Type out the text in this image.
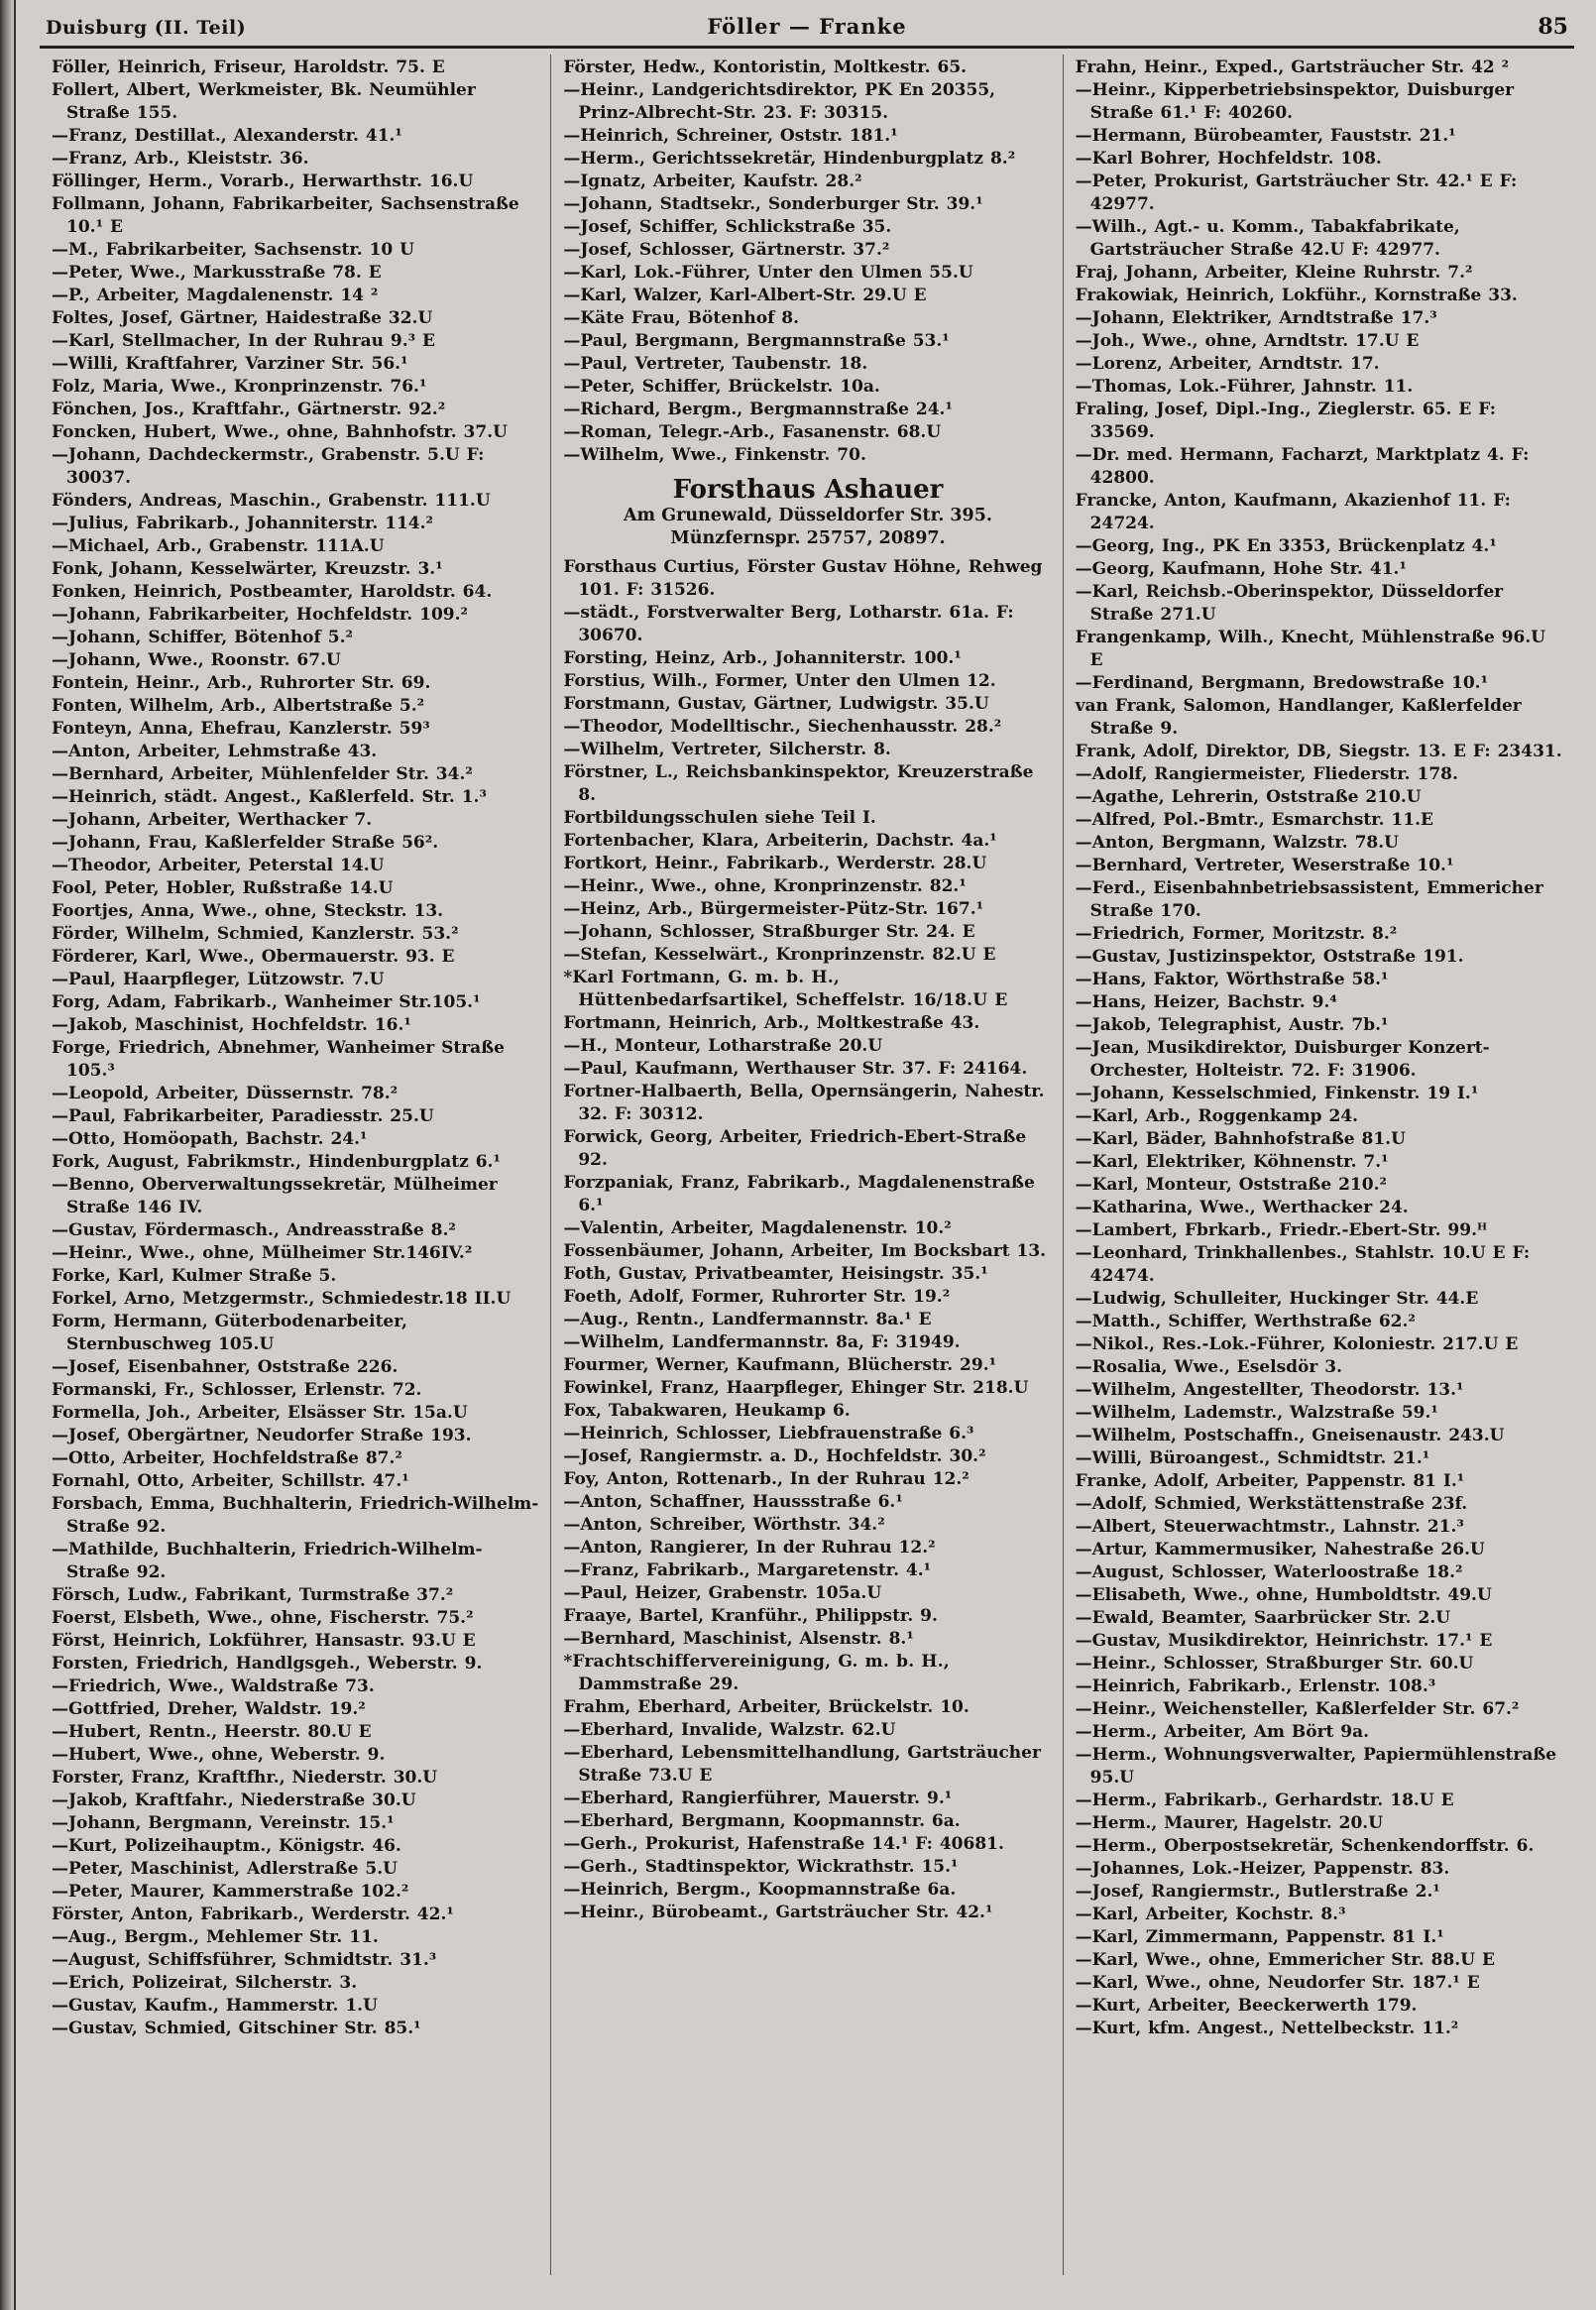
Duisburg (II. Teil)	Föller — Franke	85

Föller, Heinrich, Friseur, Haroldstr. 75. E

Follert, Albert, Werkmeister, Bk. Neumühler Straße 155.

—Franz, Destillat., Alexanderstr. 41.¹

—Franz, Arb., Kleiststr. 36.

Föllinger, Herm., Vorarb., Herwarthstr. 16.U

Follmann, Johann, Fabrikarbeiter, Sachsenstraße 10.¹ E

—M., Fabrikarbeiter, Sachsenstr. 10 U

—Peter, Wwe., Markusstraße 78. E

—P., Arbeiter, Magdalenenstr. 14 ²

Foltes, Josef, Gärtner, Haidestraße 32.U

—Karl, Stellmacher, In der Ruhrau 9.³ E

—Willi, Kraftfahrer, Varziner Str. 56.¹

Folz, Maria, Wwe., Kronprinzenstr. 76.¹

Fönchen, Jos., Kraftfahr., Gärtnerstr. 92.²

Foncken, Hubert, Wwe., ohne, Bahnhofstr. 37.U

—Johann, Dachdeckermstr., Grabenstr. 5.U F: 30037.

Fönders, Andreas, Maschin., Grabenstr. 111.U

—Julius, Fabrikarb., Johanniterstr. 114.²

—Michael, Arb., Grabenstr. 111A.U

Fonk, Johann, Kesselwärter, Kreuzstr. 3.¹

Fonken, Heinrich, Postbeamter, Haroldstr. 64.

—Johann, Fabrikarbeiter, Hochfeldstr. 109.²

—Johann, Schiffer, Bötenhof 5.²

—Johann, Wwe., Roonstr. 67.U

Fontein, Heinr., Arb., Ruhrorter Str. 69.

Fonten, Wilhelm, Arb., Albertstraße 5.²

Fonteyn, Anna, Ehefrau, Kanzlerstr. 59³

—Anton, Arbeiter, Lehmstraße 43.

—Bernhard, Arbeiter, Mühlenfelder Str. 34.²

—Heinrich, städt. Angest., Kaßlerfeld. Str. 1.³

—Johann, Arbeiter, Werthacker 7.

—Johann, Frau, Kaßlerfelder Straße 56².

—Theodor, Arbeiter, Peterstal 14.U

Fool, Peter, Hobler, Rußstraße 14.U

Foortjes, Anna, Wwe., ohne, Steckstr. 13.

Förder, Wilhelm, Schmied, Kanzlerstr. 53.²

Förderer, Karl, Wwe., Obermauerstr. 93. E

—Paul, Haarpfleger, Lützowstr. 7.U

Forg, Adam, Fabrikarb., Wanheimer Str.105.¹

—Jakob, Maschinist, Hochfeldstr. 16.¹

Forge, Friedrich, Abnehmer, Wanheimer Straße 105.³

—Leopold, Arbeiter, Düssernstr. 78.²

—Paul, Fabrikarbeiter, Paradiesstr. 25.U

—Otto, Homöopath, Bachstr. 24.¹

Fork, August, Fabrikmstr., Hindenburgplatz 6.¹

—Benno, Oberverwaltungssekretär, Mülheimer Straße 146 IV.

—Gustav, Fördermasch., Andreasstraße 8.²

—Heinr., Wwe., ohne, Mülheimer Str.146IV.²

Forke, Karl, Kulmer Straße 5.

Forkel, Arno, Metzgermstr., Schmiedestr.18 II.U

Form, Hermann, Güterbodenarbeiter, Sternbuschweg 105.U

—Josef, Eisenbahner, Oststraße 226.

Formanski, Fr., Schlosser, Erlenstr. 72.

Formella, Joh., Arbeiter, Elsässer Str. 15a.U

—Josef, Obergärtner, Neudorfer Straße 193.

—Otto, Arbeiter, Hochfeldstraße 87.²

Fornahl, Otto, Arbeiter, Schillstr. 47.¹

Forsbach, Emma, Buchhalterin, Friedrich-Wilhelm-Straße 92.

—Mathilde, Buchhalterin, Friedrich-Wilhelm-Straße 92.

Försch, Ludw., Fabrikant, Turmstraße 37.²

Foerst, Elsbeth, Wwe., ohne, Fischerstr. 75.²

Först, Heinrich, Lokführer, Hansastr. 93.U E

Forsten, Friedrich, Handlgsgeh., Weberstr. 9.

—Friedrich, Wwe., Waldstraße 73.

—Gottfried, Dreher, Waldstr. 19.²

—Hubert, Rentn., Heerstr. 80.U E

—Hubert, Wwe., ohne, Weberstr. 9.

Forster, Franz, Kraftfhr., Niederstr. 30.U

—Jakob, Kraftfahr., Niederstraße 30.U

—Johann, Bergmann, Vereinstr. 15.¹

—Kurt, Polizeihauptm., Königstr. 46.

—Peter, Maschinist, Adlerstraße 5.U

—Peter, Maurer, Kammerstraße 102.²

Förster, Anton, Fabrikarb., Werderstr. 42.¹

—Aug., Bergm., Mehlemer Str. 11.

—August, Schiffsführer, Schmidtstr. 31.³

—Erich, Polizeirat, Silcherstr. 3.

—Gustav, Kaufm., Hammerstr. 1.U

—Gustav, Schmied, Gitschiner Str. 85.¹

Förster, Hedw., Kontoristin, Moltkestr. 65.

—Heinr., Landgerichtsdirektor, PK En 20355, Prinz-Albrecht-Str. 23. F: 30315.

—Heinrich, Schreiner, Oststr. 181.¹

—Herm., Gerichtssekretär, Hindenburgplatz 8.²

—Ignatz, Arbeiter, Kaufstr. 28.²

—Johann, Stadtsekr., Sonderburger Str. 39.¹

—Josef, Schiffer, Schlickstraße 35.

—Josef, Schlosser, Gärtnerstr. 37.²

—Karl, Lok.-Führer, Unter den Ulmen 55.U

—Karl, Walzer, Karl-Albert-Str. 29.U E

—Käte Frau, Bötenhof 8.

—Paul, Bergmann, Bergmannstraße 53.¹

—Paul, Vertreter, Taubenstr. 18.

—Peter, Schiffer, Brückelstr. 10a.

—Richard, Bergm., Bergmannstraße 24.¹

—Roman, Telegr.-Arb., Fasanenstr. 68.U

—Wilhelm, Wwe., Finkenstr. 70.

Forsthaus Ashauer
Am Grunewald, Düsseldorfer Str. 395.
Münzfernspr. 25757, 20897.

Forsthaus Curtius, Förster Gustav Höhne, Rehweg 101. F: 31526.

—städt., Forstverwalter Berg, Lotharstr. 61a. F: 30670.

Forsting, Heinz, Arb., Johanniterstr. 100.¹

Forstius, Wilh., Former, Unter den Ulmen 12.

Forstmann, Gustav, Gärtner, Ludwigstr. 35.U

—Theodor, Modelltischr., Siechenhausstr. 28.²

—Wilhelm, Vertreter, Silcherstr. 8.

Förstner, L., Reichsbankinspektor, Kreuzerstraße 8.

Fortbildungsschulen siehe Teil I.

Fortenbacher, Klara, Arbeiterin, Dachstr. 4a.¹

Fortkort, Heinr., Fabrikarb., Werderstr. 28.U

—Heinr., Wwe., ohne, Kronprinzenstr. 82.¹

—Heinz, Arb., Bürgermeister-Pütz-Str. 167.¹

—Johann, Schlosser, Straßburger Str. 24. E

—Stefan, Kesselwärt., Kronprinzenstr. 82.U E

*Karl Fortmann, G. m. b. H., Hüttenbedarfsartikel, Scheffelstr. 16/18.U E

Fortmann, Heinrich, Arb., Moltkestraße 43.

—H., Monteur, Lotharstraße 20.U

—Paul, Kaufmann, Werthauser Str. 37. F: 24164.

Fortner-Halbaerth, Bella, Opernsängerin, Nahestr. 32. F: 30312.

Forwick, Georg, Arbeiter, Friedrich-Ebert-Straße 92.

Forzpaniak, Franz, Fabrikarb., Magdalenenstraße 6.¹

—Valentin, Arbeiter, Magdalenenstr. 10.²

Fossenbäumer, Johann, Arbeiter, Im Bocksbart 13.

Foth, Gustav, Privatbeamter, Heisingstr. 35.¹

Foeth, Adolf, Former, Ruhrorter Str. 19.²

—Aug., Rentn., Landfermannstr. 8a.¹ E

—Wilhelm, Landfermannstr. 8a, F: 31949.

Fourmer, Werner, Kaufmann, Blücherstr. 29.¹

Fowinkel, Franz, Haarpfleger, Ehinger Str. 218.U

Fox, Tabakwaren, Heukamp 6.

—Heinrich, Schlosser, Liebfrauenstraße 6.³

—Josef, Rangiermstr. a. D., Hochfeldstr. 30.²

Foy, Anton, Rottenarb., In der Ruhrau 12.²

—Anton, Schaffner, Haussstraße 6.¹

—Anton, Schreiber, Wörthstr. 34.²

—Anton, Rangierer, In der Ruhrau 12.²

—Franz, Fabrikarb., Margaretenstr. 4.¹

—Paul, Heizer, Grabenstr. 105a.U

Fraaye, Bartel, Kranführ., Philippstr. 9.

—Bernhard, Maschinist, Alsenstr. 8.¹

*Frachtschiffervereinigung, G. m. b. H., Dammstraße 29.

Frahm, Eberhard, Arbeiter, Brückelstr. 10.

—Eberhard, Invalide, Walzstr. 62.U

—Eberhard, Lebensmittelhandlung, Gartsträucher Straße 73.U E

—Eberhard, Rangierführer, Mauerstr. 9.¹

—Eberhard, Bergmann, Koopmannstr. 6a.

—Gerh., Prokurist, Hafenstraße 14.¹ F: 40681.

—Gerh., Stadtinspektor, Wickrathstr. 15.¹

—Heinrich, Bergm., Koopmannstraße 6a.

—Heinr., Bürobeamt., Gartsträucher Str. 42.¹

Frahn, Heinr., Exped., Gartsträucher Str. 42 ²

—Heinr., Kipperbetriebsinspektor, Duisburger Straße 61.¹ F: 40260.

—Hermann, Bürobeamter, Fauststr. 21.¹

—Karl Bohrer, Hochfeldstr. 108.

—Peter, Prokurist, Gartsträucher Str. 42.¹ E F: 42977.

—Wilh., Agt.- u. Komm., Tabakfabrikate, Gartsträucher Straße 42.U F: 42977.

Fraj, Johann, Arbeiter, Kleine Ruhrstr. 7.²

Frakowiak, Heinrich, Lokführ., Kornstraße 33.

—Johann, Elektriker, Arndtstraße 17.³

—Joh., Wwe., ohne, Arndtstr. 17.U E

—Lorenz, Arbeiter, Arndtstr. 17.

—Thomas, Lok.-Führer, Jahnstr. 11.

Fraling, Josef, Dipl.-Ing., Zieglerstr. 65. E F: 33569.

—Dr. med. Hermann, Facharzt, Marktplatz 4. F: 42800.

Francke, Anton, Kaufmann, Akazienhof 11. F: 24724.

—Georg, Ing., PK En 3353, Brückenplatz 4.¹

—Georg, Kaufmann, Hohe Str. 41.¹

—Karl, Reichsb.-Oberinspektor, Düsseldorfer Straße 271.U

Frangenkamp, Wilh., Knecht, Mühlenstraße 96.U E

—Ferdinand, Bergmann, Bredowstraße 10.¹

van Frank, Salomon, Handlanger, Kaßlerfelder Straße 9.

Frank, Adolf, Direktor, DB, Siegstr. 13. E F: 23431.

—Adolf, Rangiermeister, Fliederstr. 178.

—Agathe, Lehrerin, Oststraße 210.U

—Alfred, Pol.-Bmtr., Esmarchstr. 11.E

—Anton, Bergmann, Walzstr. 78.U

—Bernhard, Vertreter, Weserstraße 10.¹

—Ferd., Eisenbahnbetriebsassistent, Emmericher Straße 170.

—Friedrich, Former, Moritzstr. 8.²

—Gustav, Justizinspektor, Oststraße 191.

—Hans, Faktor, Wörthstraße 58.¹

—Hans, Heizer, Bachstr. 9.⁴

—Jakob, Telegraphist, Austr. 7b.¹

—Jean, Musikdirektor, Duisburger Konzert-Orchester, Holteistr. 72. F: 31906.

—Johann, Kesselschmied, Finkenstr. 19 I.¹

—Karl, Arb., Roggenkamp 24.

—Karl, Bäder, Bahnhofstraße 81.U

—Karl, Elektriker, Köhnenstr. 7.¹

—Karl, Monteur, Oststraße 210.²

—Katharina, Wwe., Werthacker 24.

—Lambert, Fbrkarb., Friedr.-Ebert-Str. 99.ᴴ

—Leonhard, Trinkhallenbes., Stahlstr. 10.U E F: 42474.

—Ludwig, Schulleiter, Huckinger Str. 44.E

—Matth., Schiffer, Werthstraße 62.²

—Nikol., Res.-Lok.-Führer, Koloniestr. 217.U E

—Rosalia, Wwe., Eselsdör 3.

—Wilhelm, Angestellter, Theodorstr. 13.¹

—Wilhelm, Lademstr., Walzstraße 59.¹

—Wilhelm, Postschaffn., Gneisenaustr. 243.U

—Willi, Büroangest., Schmidtstr. 21.¹

Franke, Adolf, Arbeiter, Pappenstr. 81 I.¹

—Adolf, Schmied, Werkstättenstraße 23f.

—Albert, Steuerwachtmstr., Lahnstr. 21.³

—Artur, Kammermusiker, Nahestraße 26.U

—August, Schlosser, Waterloostraße 18.²

—Elisabeth, Wwe., ohne, Humboldtstr. 49.U

—Ewald, Beamter, Saarbrücker Str. 2.U

—Gustav, Musikdirektor, Heinrichstr. 17.¹ E

—Heinr., Schlosser, Straßburger Str. 60.U

—Heinrich, Fabrikarb., Erlenstr. 108.³

—Heinr., Weichensteller, Kaßlerfelder Str. 67.²

—Herm., Arbeiter, Am Bört 9a.

—Herm., Wohnungsverwalter, Papiermühlenstraße 95.U

—Herm., Fabrikarb., Gerhardstr. 18.U E

—Herm., Maurer, Hagelstr. 20.U

—Herm., Oberpostsekretär, Schenkendorffstr. 6.

—Johannes, Lok.-Heizer, Pappenstr. 83.

—Josef, Rangiermstr., Butlerstraße 2.¹

—Karl, Arbeiter, Kochstr. 8.³

—Karl, Zimmermann, Pappenstr. 81 I.¹

—Karl, Wwe., ohne, Emmericher Str. 88.U E

—Karl, Wwe., ohne, Neudorfer Str. 187.¹ E

—Kurt, Arbeiter, Beeckerwerth 179.

—Kurt, kfm. Angest., Nettelbeckstr. 11.²
